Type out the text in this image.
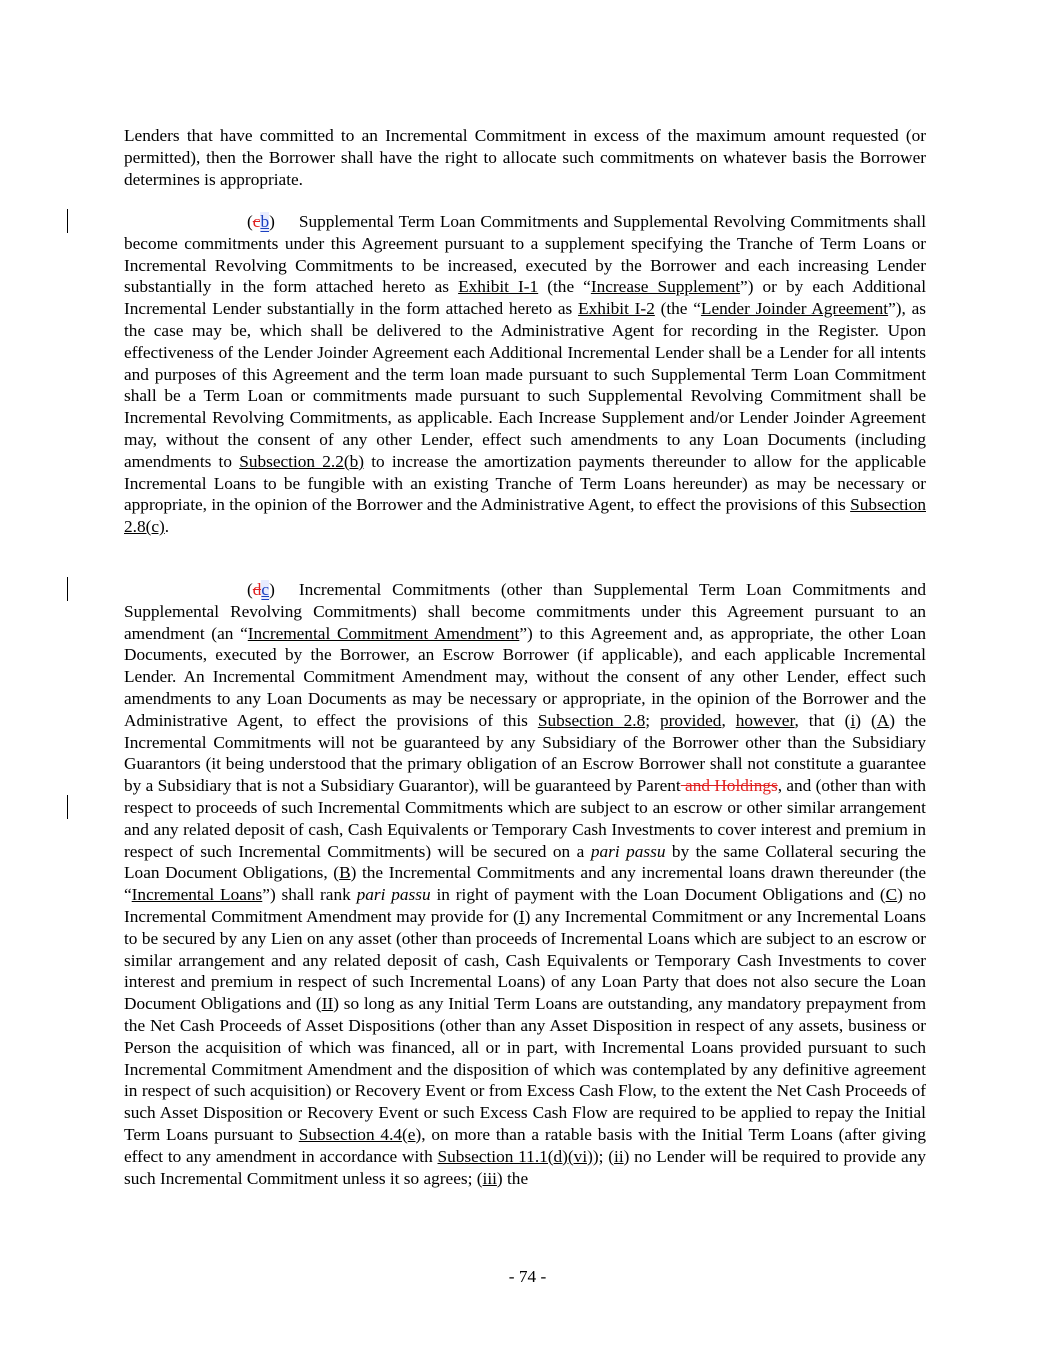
Lenders that have committed to an Incremental Commitment in excess of the maximum amount requested (or permitted), then the Borrower shall have the right to allocate such commitments on whatever basis the Borrower determines is appropriate.

(cb) Supplemental Term Loan Commitments and Supplemental Revolving Commitments shall become commitments under this Agreement pursuant to a supplement specifying the Tranche of Term Loans or Incremental Revolving Commitments to be increased, executed by the Borrower and each increasing Lender substantially in the form attached hereto as Exhibit I-1 (the “Increase Supplement”) or by each Additional Incremental Lender substantially in the form attached hereto as Exhibit I-2 (the “Lender Joinder Agreement”), as the case may be, which shall be delivered to the Administrative Agent for recording in the Register. Upon effectiveness of the Lender Joinder Agreement each Additional Incremental Lender shall be a Lender for all intents and purposes of this Agreement and the term loan made pursuant to such Supplemental Term Loan Commitment shall be a Term Loan or commitments made pursuant to such Supplemental Revolving Commitment shall be Incremental Revolving Commitments, as applicable. Each Increase Supplement and/or Lender Joinder Agreement may, without the consent of any other Lender, effect such amendments to any Loan Documents (including amendments to Subsection 2.2(b) to increase the amortization payments thereunder to allow for the applicable Incremental Loans to be fungible with an existing Tranche of Term Loans hereunder) as may be necessary or appropriate, in the opinion of the Borrower and the Administrative Agent, to effect the provisions of this Subsection 2.8(c).

(dc) Incremental Commitments (other than Supplemental Term Loan Commitments and Supplemental Revolving Commitments) shall become commitments under this Agreement pursuant to an amendment (an “Incremental Commitment Amendment”) to this Agreement and, as appropriate, the other Loan Documents, executed by the Borrower, an Escrow Borrower (if applicable), and each applicable Incremental Lender. An Incremental Commitment Amendment may, without the consent of any other Lender, effect such amendments to any Loan Documents as may be necessary or appropriate, in the opinion of the Borrower and the Administrative Agent, to effect the provisions of this Subsection 2.8; provided, however, that (i) (A) the Incremental Commitments will not be guaranteed by any Subsidiary of the Borrower other than the Subsidiary Guarantors (it being understood that the primary obligation of an Escrow Borrower shall not constitute a guarantee by a Subsidiary that is not a Subsidiary Guarantor), will be guaranteed by Parent and Holdings, and (other than with respect to proceeds of such Incremental Commitments which are subject to an escrow or other similar arrangement and any related deposit of cash, Cash Equivalents or Temporary Cash Investments to cover interest and premium in respect of such Incremental Commitments) will be secured on a pari passu by the same Collateral securing the Loan Document Obligations, (B) the Incremental Commitments and any incremental loans drawn thereunder (the “Incremental Loans”) shall rank pari passu in right of payment with the Loan Document Obligations and (C) no Incremental Commitment Amendment may provide for (I) any Incremental Commitment or any Incremental Loans to be secured by any Lien on any asset (other than proceeds of Incremental Loans which are subject to an escrow or similar arrangement and any related deposit of cash, Cash Equivalents or Temporary Cash Investments to cover interest and premium in respect of such Incremental Loans) of any Loan Party that does not also secure the Loan Document Obligations and (II) so long as any Initial Term Loans are outstanding, any mandatory prepayment from the Net Cash Proceeds of Asset Dispositions (other than any Asset Disposition in respect of any assets, business or Person the acquisition of which was financed, all or in part, with Incremental Loans provided pursuant to such Incremental Commitment Amendment and the disposition of which was contemplated by any definitive agreement in respect of such acquisition) or Recovery Event or from Excess Cash Flow, to the extent the Net Cash Proceeds of such Asset Disposition or Recovery Event or such Excess Cash Flow are required to be applied to repay the Initial Term Loans pursuant to Subsection 4.4(e), on more than a ratable basis with the Initial Term Loans (after giving effect to any amendment in accordance with Subsection 11.1(d)(vi)); (ii) no Lender will be required to provide any such Incremental Commitment unless it so agrees; (iii) the

- 74 -
